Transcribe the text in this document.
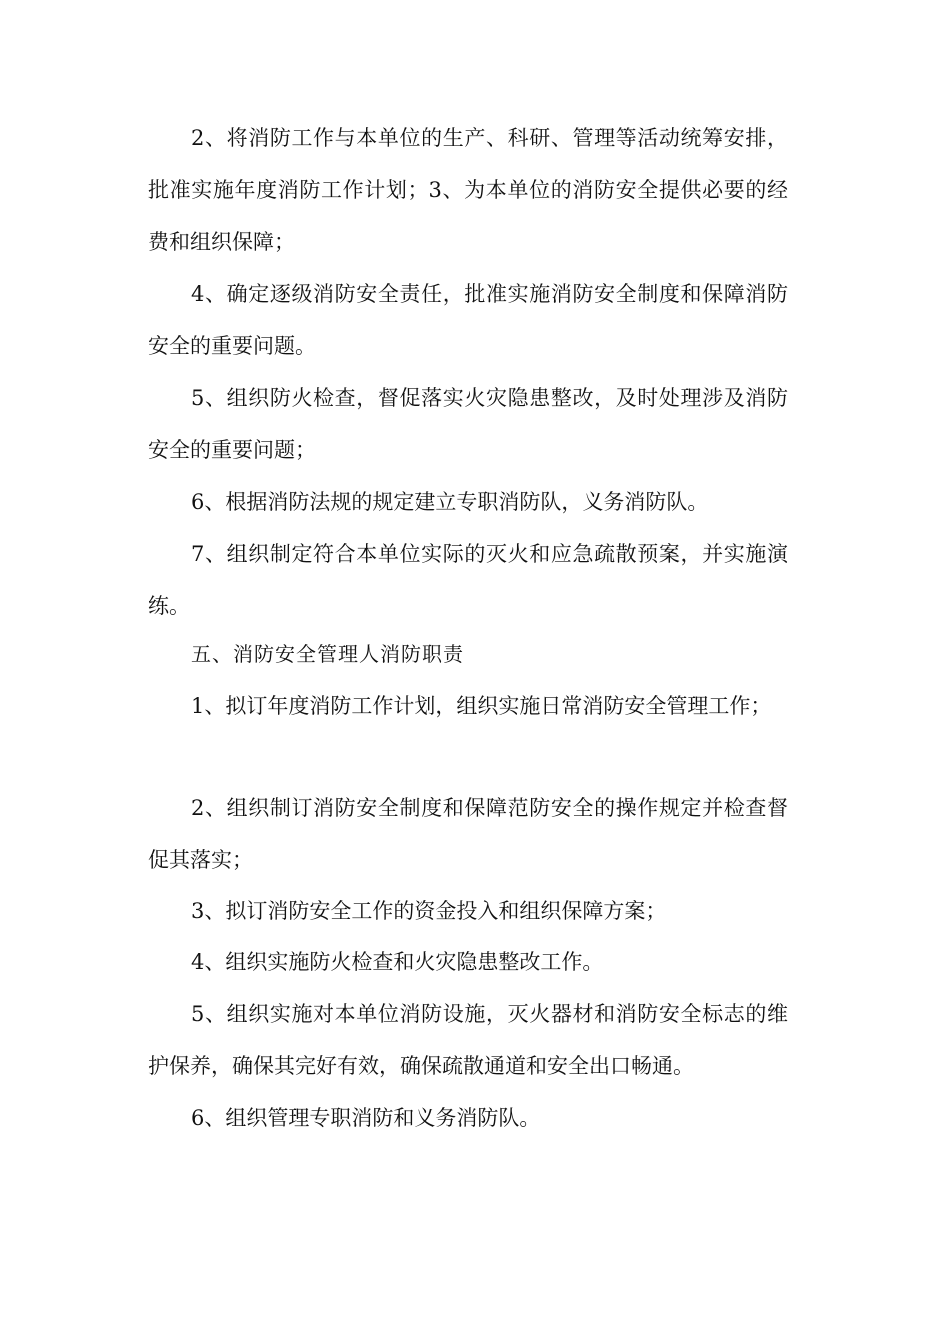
2、将消防工作与本单位的生产、科研、管理等活动统筹安排，批准实施年度消防工作计划；3、为本单位的消防安全提供必要的经费和组织保障；

4、确定逐级消防安全责任，批准实施消防安全制度和保障消防安全的重要问题。

5、组织防火检查，督促落实火灾隐患整改，及时处理涉及消防安全的重要问题；

6、根据消防法规的规定建立专职消防队，义务消防队。

7、组织制定符合本单位实际的灭火和应急疏散预案，并实施演练。

五、消防安全管理人消防职责

1、拟订年度消防工作计划，组织实施日常消防安全管理工作；

2、组织制订消防安全制度和保障范防安全的操作规定并检查督促其落实；

3、拟订消防安全工作的资金投入和组织保障方案；

4、组织实施防火检查和火灾隐患整改工作。

5、组织实施对本单位消防设施，灭火器材和消防安全标志的维护保养，确保其完好有效，确保疏散通道和安全出口畅通。

6、组织管理专职消防和义务消防队。
